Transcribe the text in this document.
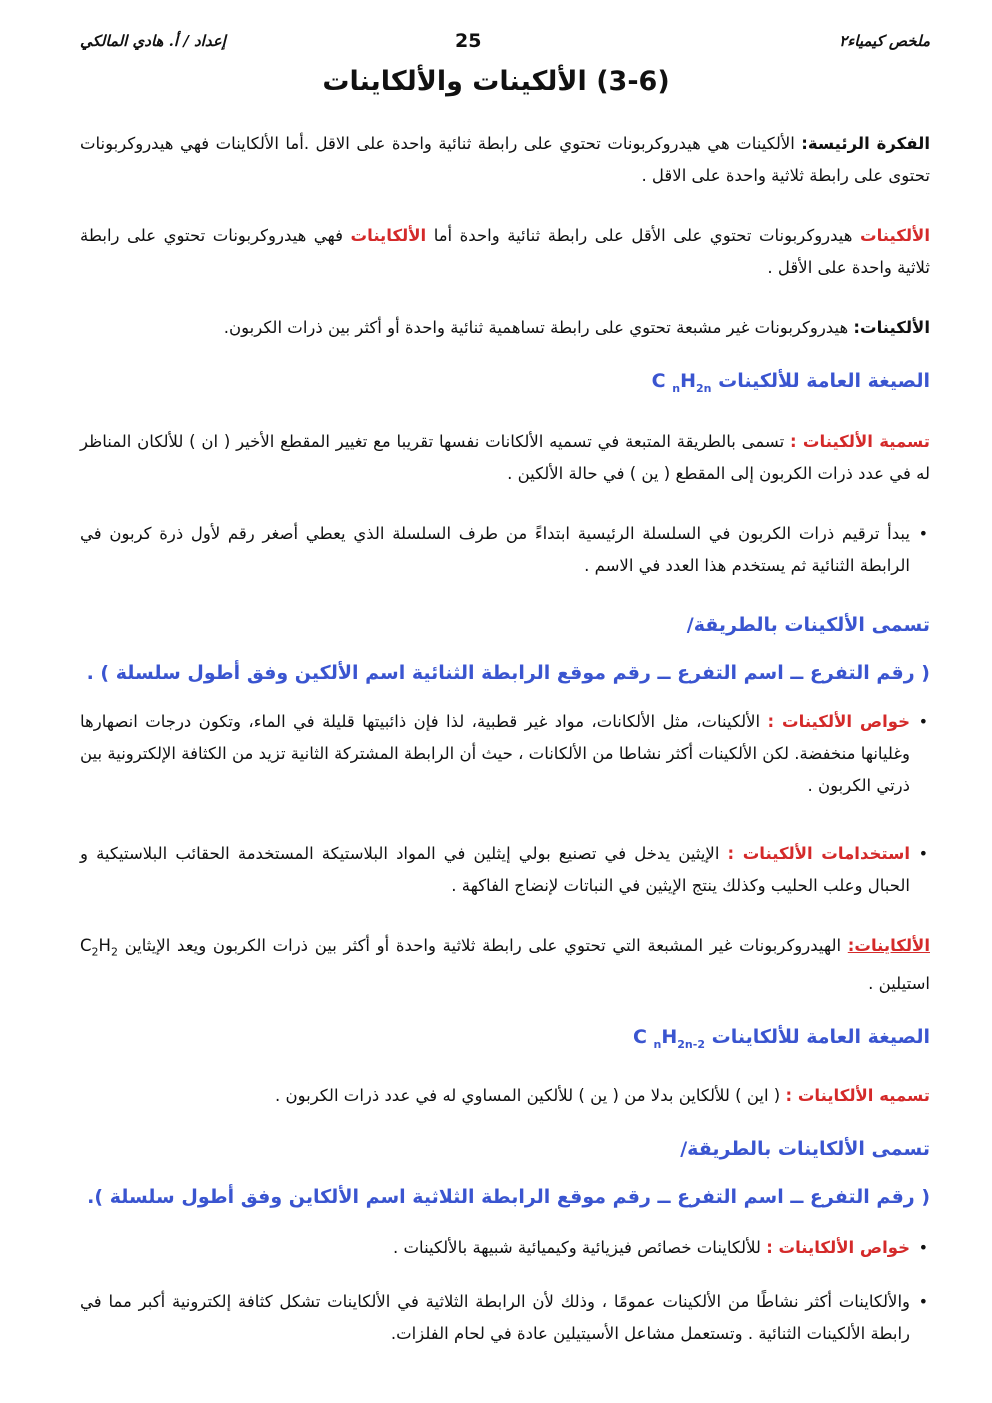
ملخص كيمياء٢
25
إعداد / أ. هادي المالكي
(3-6) الألكينات والألكاينات

الفكرة الرئيسة: الألكينات هي هيدروكربونات تحتوي على رابطة ثنائية واحدة على الاقل .أما الألكاينات فهي هيدروكربونات تحتوى على رابطة ثلاثية واحدة على الاقل .

الألكينات هيدروكربونات تحتوي على الأقل على رابطة ثنائية واحدة أما الألكاينات فهي هيدروكربونات تحتوي على رابطة ثلاثية واحدة على الأقل .

الألكينات: هيدروكربونات غير مشبعة تحتوي على رابطة تساهمية ثنائية واحدة أو أكثر بين ذرات الكربون.

الصيغة العامة للألكينات   C $_nH_{2n}$

تسمية الألكينات : تسمى بالطريقة المتبعة في تسميه الألكانات نفسها تقريبا مع تغيير المقطع الأخير ( ان ) للألكان المناظر له في عدد ذرات الكربون إلى المقطع ( ين ) في حالة الألكين .

• يبدأ ترقيم ذرات الكربون في السلسلة الرئيسية ابتداءً من طرف السلسلة الذي يعطي أصغر رقم لأول ذرة كربون في الرابطة الثنائية ثم يستخدم هذا العدد في الاسم .
تسمى الألكينات بالطريقة/
( رقم التفرع ــ اسم التفرع ــ رقم موقع الرابطة الثنائية اسم الألكين وفق أطول سلسلة ) .
• خواص الألكينات : الألكينات، مثل الألكانات، مواد غير قطبية، لذا فإن ذائبيتها قليلة في الماء، وتكون درجات انصهارها وغليانها منخفضة. لكن الألكينات أكثر نشاطا من الألكانات ، حيث أن الرابطة المشتركة الثانية تزيد من الكثافة الإلكترونية بين ذرتي الكربون .
• استخدامات الألكينات : الإيثين يدخل في تصنيع بولي إيثلين في المواد البلاستيكة المستخدمة الحقائب البلاستيكية و الحبال وعلب الحليب وكذلك ينتج الإيثين في النباتات لإنضاج الفاكهة .

الألكاينات: الهيدروكربونات غير المشبعة التي تحتوي على رابطة ثلاثية واحدة أو أكثر بين ذرات الكربون ويعد الإيثاين $C_2H_2$ استيلين .

الصيغة العامة للألكاينات   C $_nH_{2n-2}$

تسميه الألكاينات : ( اين ) للألكاين بدلا من ( ين ) للألكين المساوي له في عدد ذرات الكربون .

تسمى الألكاينات بالطريقة/
( رقم التفرع ــ اسم التفرع ــ رقم موقع الرابطة الثلاثية اسم الألكاين وفق أطول سلسلة ).
• خواص الألكاينات : للألكاينات خصائص فيزيائية وكيميائية شبيهة بالألكينات .
• والألكاينات أكثر نشاطًا من الألكينات عمومًا ، وذلك لأن الرابطة الثلاثية في الألكاينات تشكل كثافة إلكترونية أكبر مما في رابطة الألكينات الثنائية . وتستعمل مشاعل الأسيتيلين عادة في لحام الفلزات.
